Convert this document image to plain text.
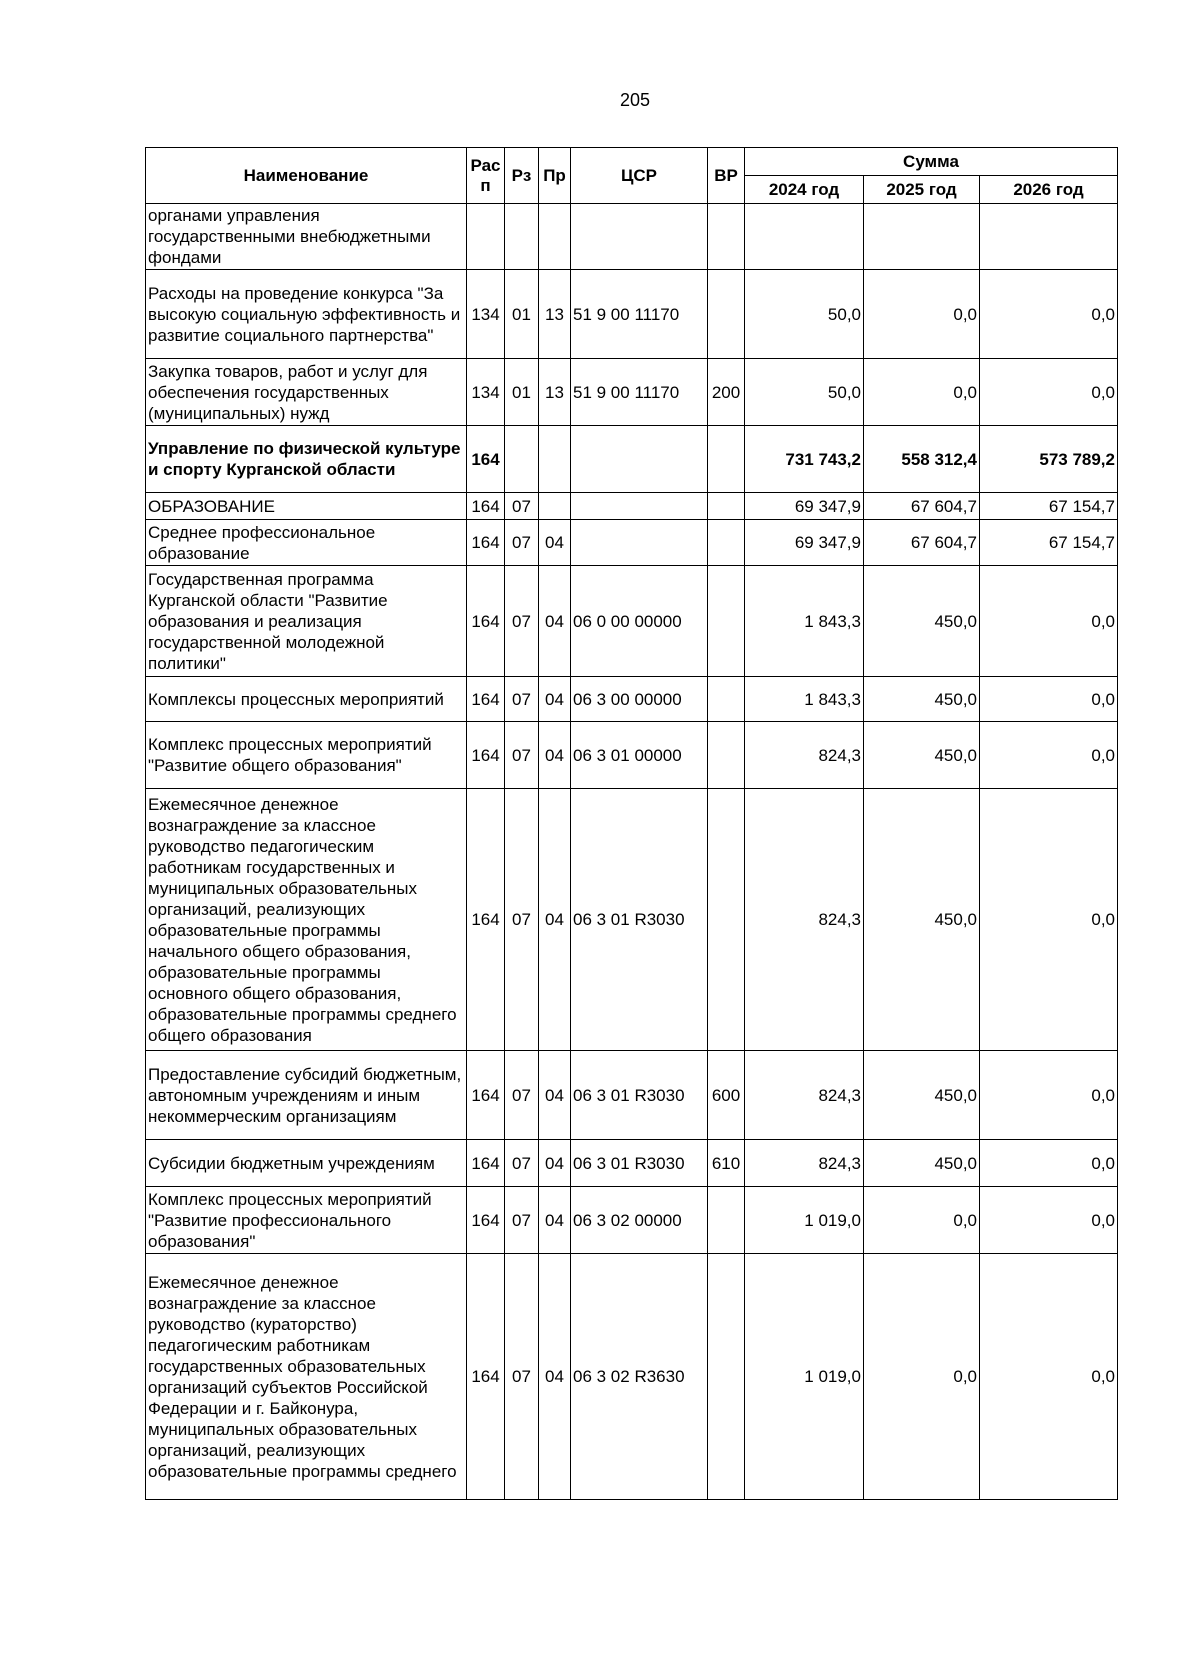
205
Наименование	Рас п	Рз	Пр	ЦСР	ВР	Сумма		
						2024 год	2025 год	2026 год
органами управления государственными внебюджетными фондами								
Расходы на проведение конкурса "За высокую социальную эффективность и развитие социального партнерства"	134	01	13	51 9 00 11170		50,0	0,0	0,0
Закупка товаров, работ и услуг для обеспечения государственных (муниципальных) нужд	134	01	13	51 9 00 11170	200	50,0	0,0	0,0
Управление по физической культуре и спорту Курганской области	164					731 743,2	558 312,4	573 789,2
ОБРАЗОВАНИЕ	164	07				69 347,9	67 604,7	67 154,7
Среднее профессиональное образование	164	07	04			69 347,9	67 604,7	67 154,7
Государственная программа Курганской области "Развитие образования и реализация государственной молодежной политики"	164	07	04	06 0 00 00000		1 843,3	450,0	0,0
Комплексы процессных мероприятий	164	07	04	06 3 00 00000		1 843,3	450,0	0,0
Комплекс процессных мероприятий "Развитие общего образования"	164	07	04	06 3 01 00000		824,3	450,0	0,0
Ежемесячное денежное вознаграждение за классное руководство педагогическим работникам государственных и муниципальных образовательных организаций, реализующих образовательные программы начального общего образования, образовательные программы основного общего образования, образовательные программы среднего общего образования	164	07	04	06 3 01 R3030		824,3	450,0	0,0
Предоставление субсидий бюджетным, автономным учреждениям и иным некоммерческим организациям	164	07	04	06 3 01 R3030	600	824,3	450,0	0,0
Субсидии бюджетным учреждениям	164	07	04	06 3 01 R3030	610	824,3	450,0	0,0
Комплекс процессных мероприятий "Развитие профессионального образования"	164	07	04	06 3 02 00000		1 019,0	0,0	0,0
Ежемесячное денежное вознаграждение за классное руководство (кураторство) педагогическим работникам государственных образовательных организаций субъектов Российской Федерации и г. Байконура, муниципальных образовательных организаций, реализующих образовательные программы среднего	164	07	04	06 3 02 R3630		1 019,0	0,0	0,0
